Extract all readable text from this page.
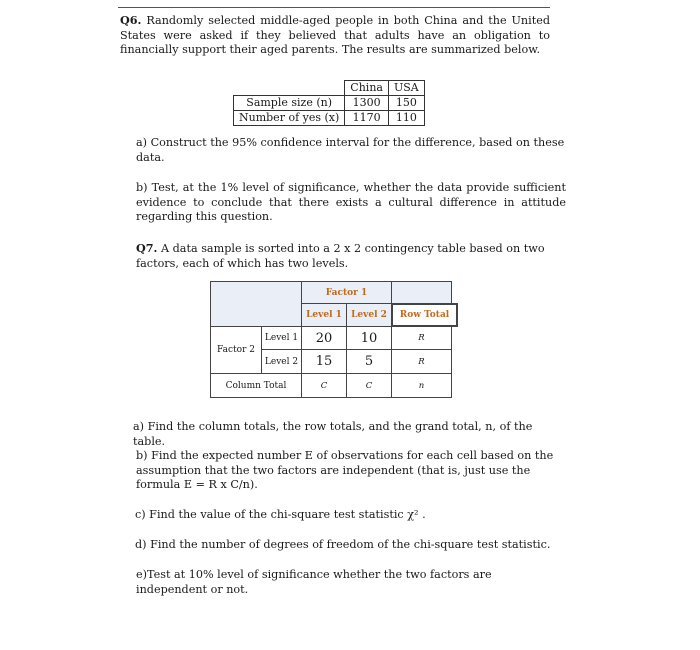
Q6. Randomly selected middle-aged people in both China and the United States were asked if they believed that adults have an obligation to financially support their aged parents. The results are summarized below.

	China	USA
Sample size (n)	1300	150
Number of yes (x)	1170	110

a) Construct the 95% confidence interval for the difference, based on these data.

b) Test, at the 1% level of significance, whether the data provide sufficient evidence to conclude that there exists a cultural difference in attitude regarding this question.

Q7. A data sample is sorted into a 2 x 2 contingency table based on two factors, each of which has two levels.

Factor 1
Level 1	Level 2	Row Total
Factor 2
Level 1	20	10	R
Level 2	15	5	R
Column Total	C	C	n

a) Find the column totals, the row totals, and the grand total, n, of the table.

b) Find the expected number E of observations for each cell based on the assumption that the two factors are independent (that is, just use the formula E = R x C/n).

c) Find the value of the chi-square test statistic χ² .

d) Find the number of degrees of freedom of the chi-square test statistic.

e)Test at 10% level of significance whether the two factors are independent or not.
